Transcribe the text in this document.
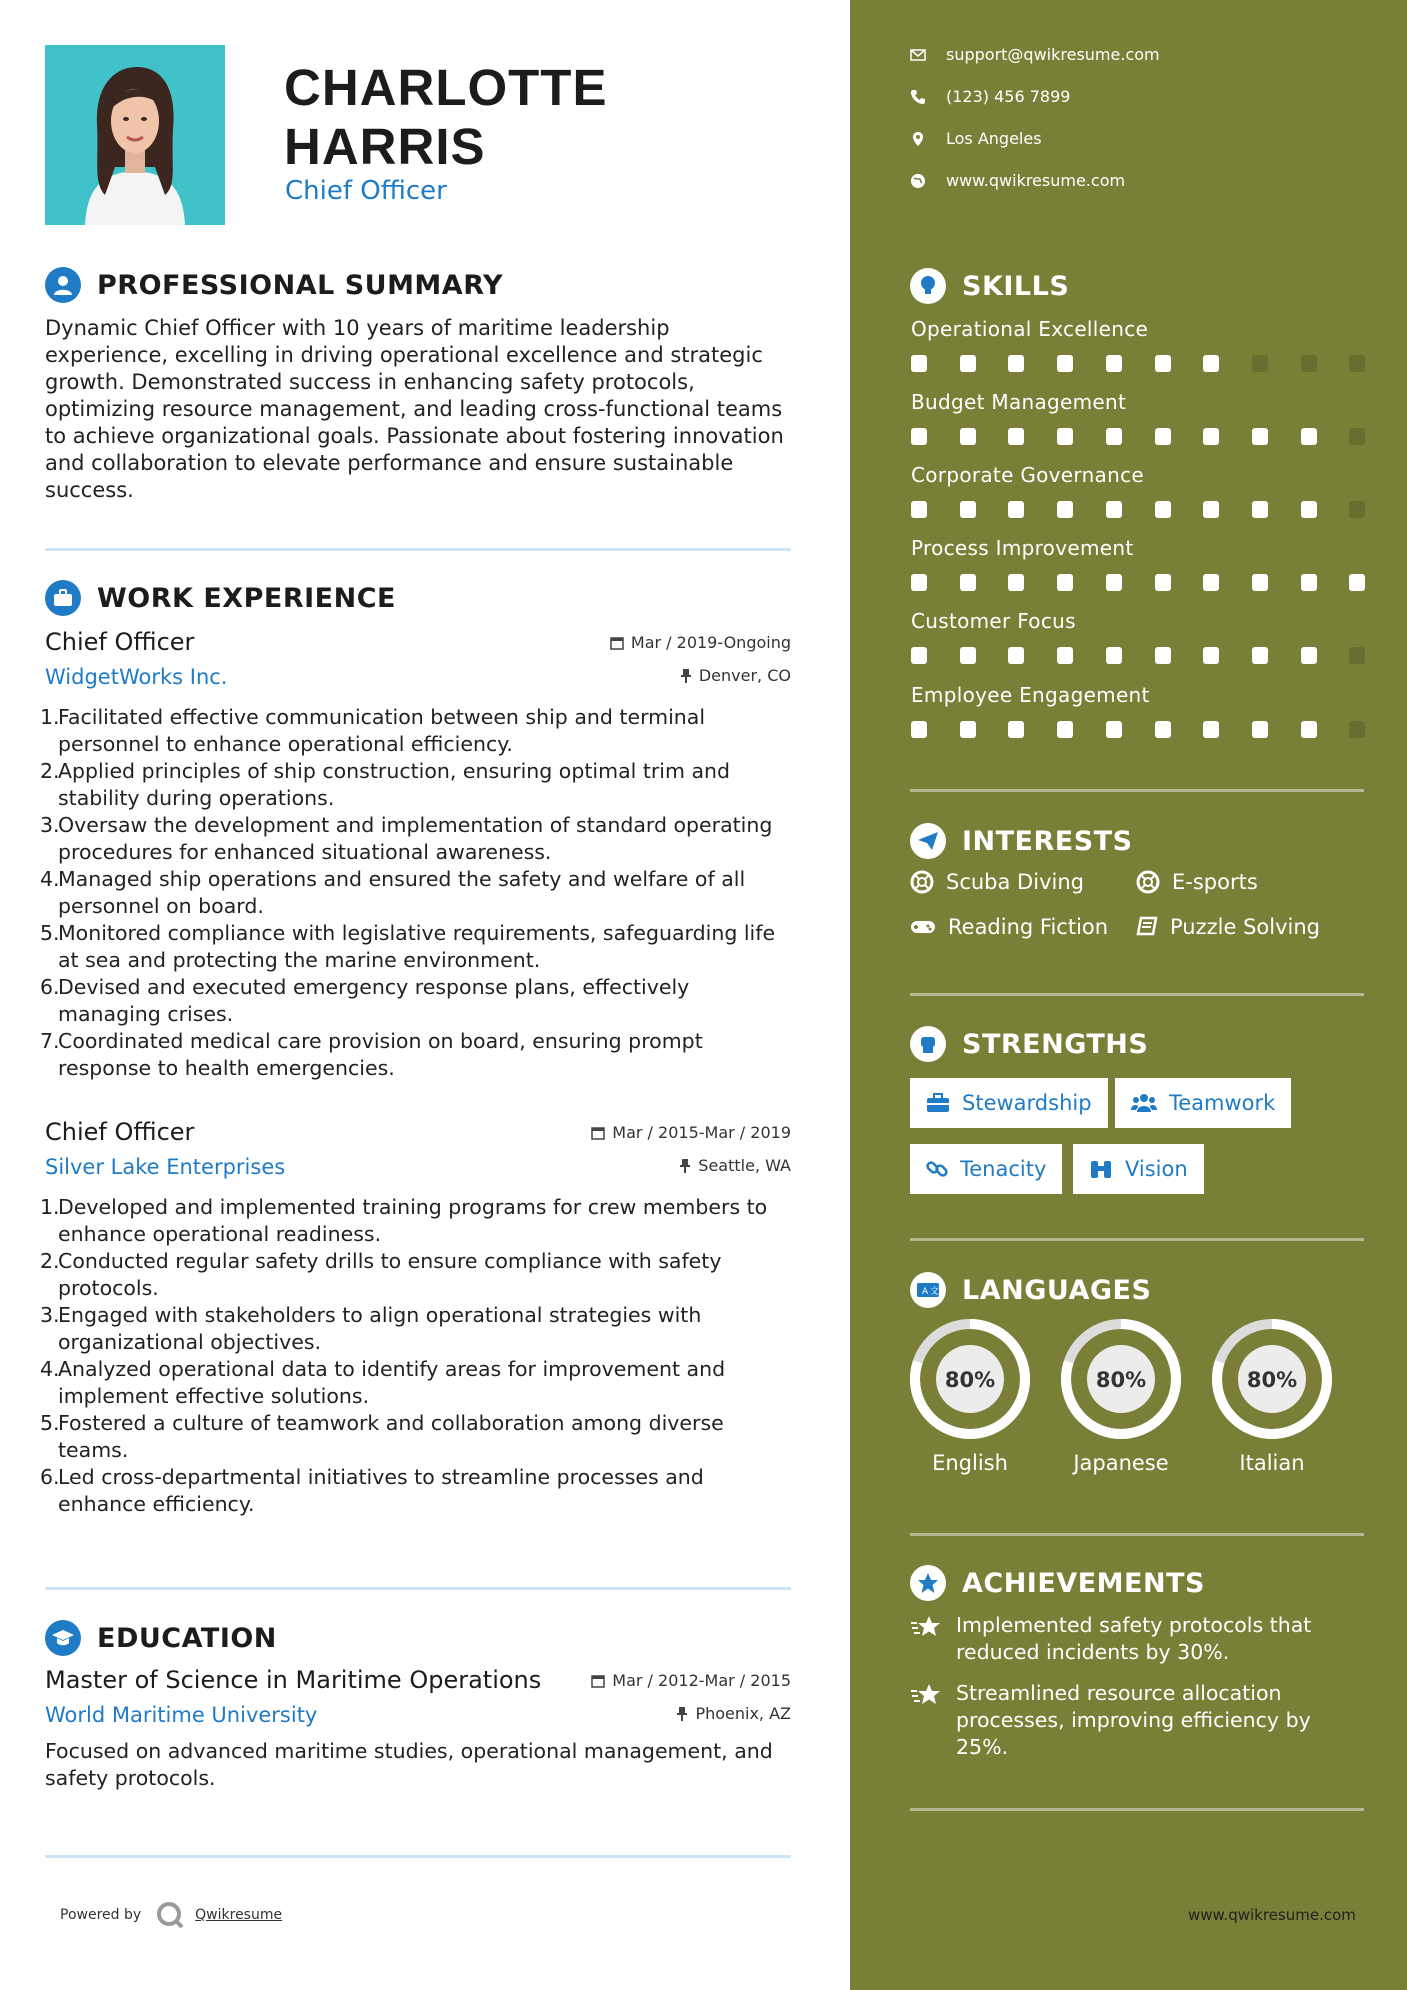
CHARLOTTE
HARRIS
Chief Officer
PROFESSIONAL SUMMARY
Dynamic Chief Officer with 10 years of maritime leadership experience, excelling in driving operational excellence and strategic growth. Demonstrated success in enhancing safety protocols, optimizing resource management, and leading cross-functional teams to achieve organizational goals. Passionate about fostering innovation and collaboration to elevate performance and ensure sustainable success.
WORK EXPERIENCE
Chief Officer
WidgetWorks Inc.
Mar / 2019-Ongoing
Denver, CO
1.
Facilitated effective communication between ship and terminal personnel to enhance operational efficiency.
2.
Applied principles of ship construction, ensuring optimal trim and stability during operations.
3.
Oversaw the development and implementation of standard operating procedures for enhanced situational awareness.
4.
Managed ship operations and ensured the safety and welfare of all personnel on board.
5.
Monitored compliance with legislative requirements, safeguarding life at sea and protecting the marine environment.
6.
Devised and executed emergency response plans, effectively managing crises.
7.
Coordinated medical care provision on board, ensuring prompt response to health emergencies.
Chief Officer
Silver Lake Enterprises
Mar / 2015-Mar / 2019
Seattle, WA
1.
Developed and implemented training programs for crew members to enhance operational readiness.
2.
Conducted regular safety drills to ensure compliance with safety protocols.
3.
Engaged with stakeholders to align operational strategies with organizational objectives.
4.
Analyzed operational data to identify areas for improvement and implement effective solutions.
5.
Fostered a culture of teamwork and collaboration among diverse teams.
6.
Led cross-departmental initiatives to streamline processes and enhance efficiency.
EDUCATION
Master of Science in Maritime Operations
World Maritime University
Mar / 2012-Mar / 2015
Phoenix, AZ
Focused on advanced maritime studies, operational management, and safety protocols.
Powered by	Qwikresume
support@qwikresume.com
(123) 456 7899
Los Angeles
www.qwikresume.com
SKILLS
Operational Excellence
Budget Management
Corporate Governance
Process Improvement
Customer Focus
Employee Engagement
INTERESTS
Scuba Diving	E-sports
Reading Fiction	Puzzle Solving
STRENGTHS
Stewardship	Teamwork
Tenacity	Vision
A 文 LANGUAGES
80%
English
80%
Japanese
80%
Italian
ACHIEVEMENTS
Implemented safety protocols that reduced incidents by 30%.
Streamlined resource allocation processes, improving efficiency by 25%.
www.qwikresume.com
